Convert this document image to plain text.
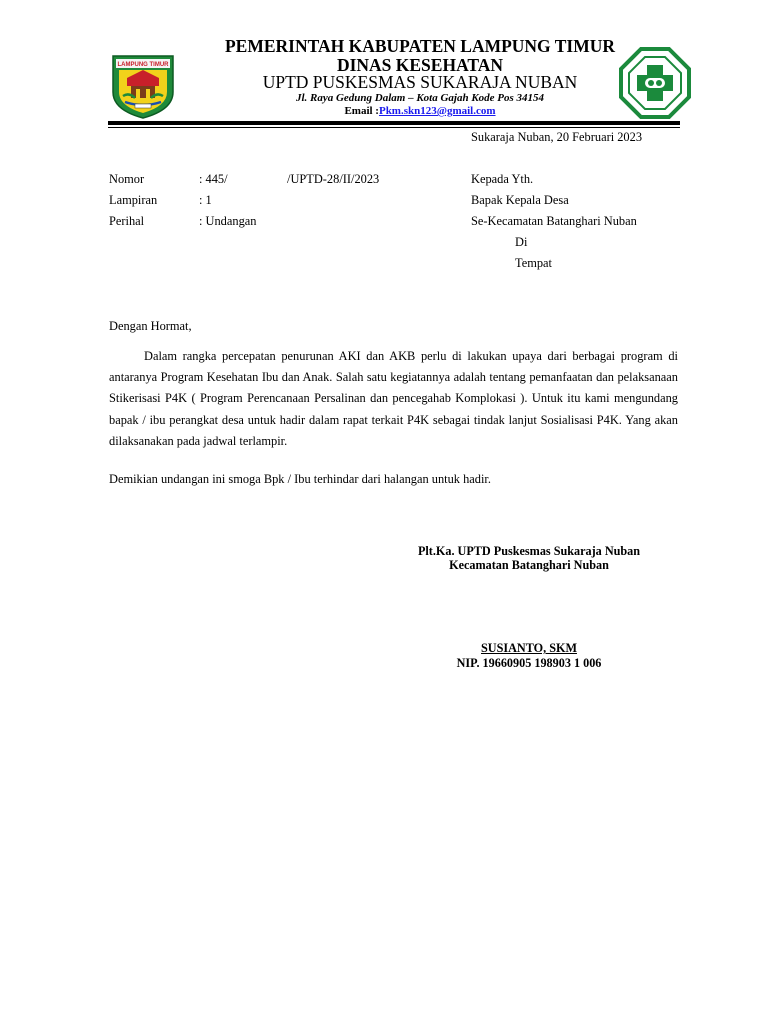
LAMPUNG TIMUR
PEMERINTAH KABUPATEN LAMPUNG TIMUR
DINAS KESEHATAN
UPTD PUSKESMAS SUKARAJA NUBAN
Jl. Raya Gedung Dalam – Kota Gajah Kode Pos 34154
Email :Pkm.skn123@gmail.com
Sukaraja Nuban, 20 Februari 2023
Nomor	: 445/	/UPTD-28/II/2023
Lampiran	: 1
Perihal	: Undangan
Kepada Yth.
Bapak Kepala Desa
Se-Kecamatan Batanghari Nuban
Di
Tempat
Dengan Hormat,

Dalam rangka percepatan penurunan AKI dan AKB perlu di lakukan upaya dari berbagai program di antaranya Program Kesehatan Ibu dan Anak. Salah satu kegiatannya adalah tentang pemanfaatan dan pelaksanaan Stikerisasi P4K ( Program Perencanaan Persalinan dan pencegahab Komplokasi ). Untuk itu kami mengundang bapak / ibu perangkat desa untuk hadir dalam rapat terkait P4K sebagai tindak lanjut Sosialisasi P4K. Yang akan dilaksanakan pada jadwal terlampir.

Demikian undangan ini smoga Bpk / Ibu terhindar dari halangan untuk hadir.
Plt.Ka. UPTD Puskesmas Sukaraja Nuban
Kecamatan Batanghari Nuban
SUSIANTO, SKM
NIP. 19660905 198903 1 006
